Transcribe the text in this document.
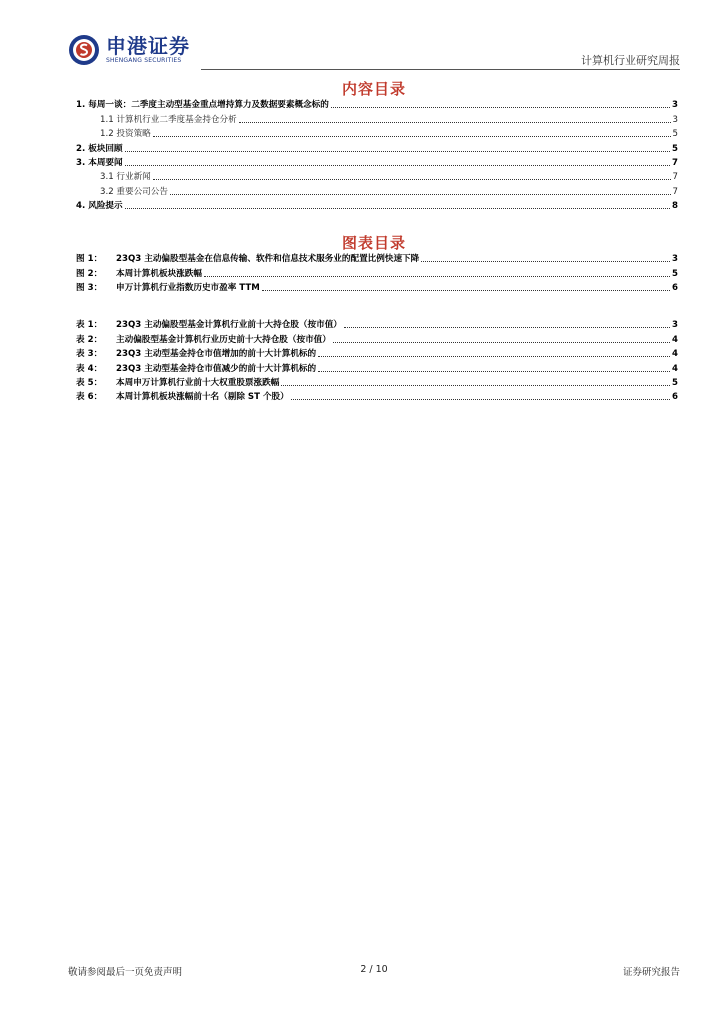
申港证券
SHENGANG SECURITIES	计算机行业研究周报
内容目录
1. 每周一谈：二季度主动型基金重点增持算力及数据要素概念标的	3
1.1 计算机行业二季度基金持仓分析	3
1.2 投资策略	5
2. 板块回顾	5
3. 本周要闻	7
3.1 行业新闻	7
3.2 重要公司公告	7
4. 风险提示	8
图表目录
图 1： 23Q3 主动偏股型基金在信息传输、软件和信息技术服务业的配置比例快速下降	3
图 2： 本周计算机板块涨跌幅	5
图 3： 申万计算机行业指数历史市盈率 TTM	6
表 1： 23Q3 主动偏股型基金计算机行业前十大持仓股（按市值）	3
表 2： 主动偏股型基金计算机行业历史前十大持仓股（按市值）	4
表 3： 23Q3 主动型基金持仓市值增加的前十大计算机标的	4
表 4： 23Q3 主动型基金持仓市值减少的前十大计算机标的	4
表 5： 本周申万计算机行业前十大权重股票涨跌幅	5
表 6： 本周计算机板块涨幅前十名（剔除 ST 个股）	6
敬请参阅最后一页免责声明	2 / 10	证券研究报告
